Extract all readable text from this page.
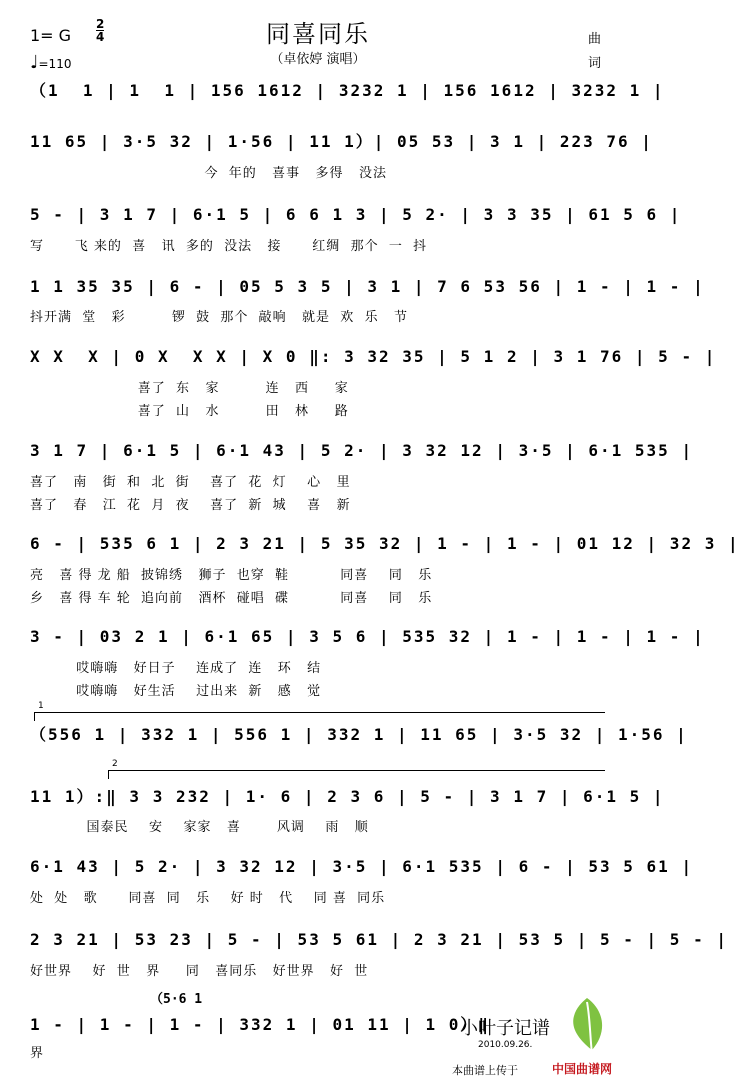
同喜同乐
（卓依婷 演唱）
1= G
2
4
♩=110
曲
词
（1  1 | 1  1 | 156 1612 | 3232 1 | 156 1612 | 3232 1 |
11 65 | 3·5 32 | 1·56 | 11 1）| 05 53 | 3 1 | 223 76 |
今  年的   喜事   多得   没法
5 - | 3 1 7 | 6·1 5 | 6 6 1 3 | 5 2· | 3 3 35 | 61 5 6 |
写      飞 来的  喜   讯  多的  没法   接      红绸  那个  一  抖
1 1 35 35 | 6 - | 05 5 3 5 | 3 1 | 7 6 53 56 | 1 - | 1 - |
抖开满  堂   彩         锣  鼓  那个  敲响   就是  欢  乐   节
X X  X | 0 X  X X | X 0 ‖: 3 32 35 | 5 1 2 | 3 1 76 | 5 - |
喜了  东   家         连   西     家
喜了  山   水         田   林     路
3 1 7 | 6·1 5 | 6·1 43 | 5 2· | 3 32 12 | 3·5 | 6·1 535 |
喜了   南   街  和  北  街    喜了  花  灯    心   里
喜了   春   江  花  月  夜    喜了  新  城    喜   新
6 - | 535 6 1 | 2 3 21 | 5 35 32 | 1 - | 1 - | 01 12 | 32 3 |
亮   喜 得 龙 船  披锦绣   狮子  也穿  鞋          同喜    同   乐
乡   喜 得 车 轮  追向前   酒杯  碰唱  碟          同喜    同   乐
3 - | 03 2 1 | 6·1 65 | 3 5 6 | 535 32 | 1 - | 1 - | 1 - |
哎嗨嗨   好日子    连成了  连   环   结
哎嗨嗨   好生活    过出来  新   感   觉
1
（556 1 | 332 1 | 556 1 | 332 1 | 11 65 | 3·5 32 | 1·56 |
2
11 1）:‖ 3 3 232 | 1· 6 | 2 3 6 | 5 - | 3 1 7 | 6·1 5 |
国泰民    安    家家   喜       风调    雨   顺
6·1 43 | 5 2· | 3 32 12 | 3·5 | 6·1 535 | 6 - | 53 5 61 |
处  处   歌      同喜  同   乐    好 时   代    同 喜  同乐
2 3 21 | 53 23 | 5 - | 53 5 61 | 2 3 21 | 53 5 | 5 - | 5 - |
好世界    好  世   界     同   喜同乐   好世界   好  世
（5·6 1
1 - | 1 - | 1 - | 332 1 | 01 11 | 1 0）‖
界
小叶子记谱
2010.09.26.
本曲谱上传于	中国曲谱网
